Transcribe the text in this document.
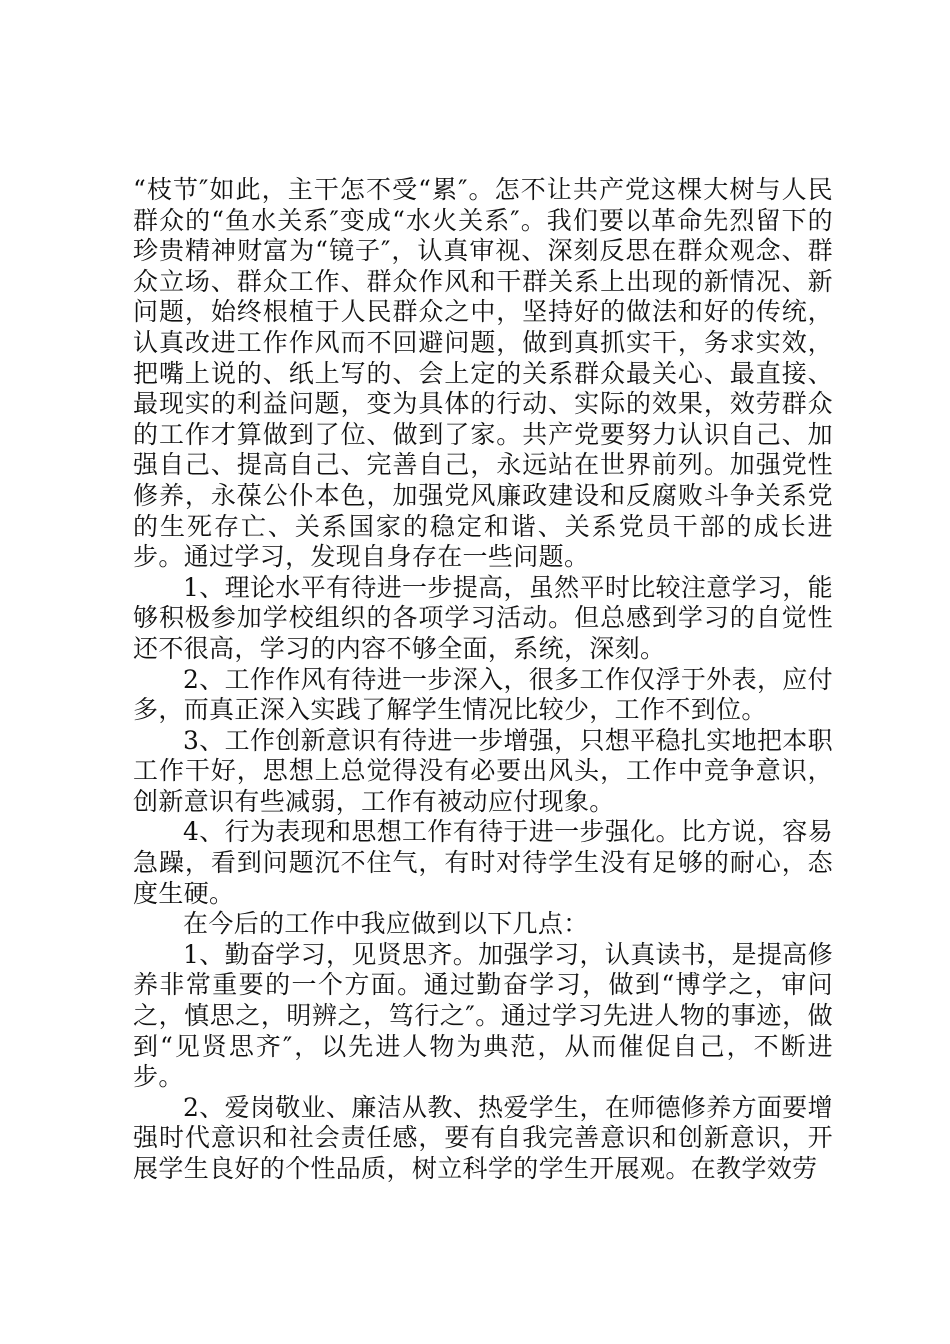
“枝节″如此，主干怎不受“累″。怎不让共产党这棵大树与人民群众的“鱼水关系″变成“水火关系″。我们要以革命先烈留下的珍贵精神财富为“镜子″，认真审视、深刻反思在群众观念、群众立场、群众工作、群众作风和干群关系上出现的新情况、新问题，始终根植于人民群众之中，坚持好的做法和好的传统，认真改进工作作风而不回避问题，做到真抓实干，务求实效，把嘴上说的、纸上写的、会上定的关系群众最关心、最直接、最现实的利益问题，变为具体的行动、实际的效果，效劳群众的工作才算做到了位、做到了家。共产党要努力认识自己、加强自己、提高自己、完善自己，永远站在世界前列。加强党性修养，永葆公仆本色，加强党风廉政建设和反腐败斗争关系党的生死存亡、关系国家的稳定和谐、关系党员干部的成长进步。通过学习，发现自身存在一些问题。

1、理论水平有待进一步提高，虽然平时比较注意学习，能够积极参加学校组织的各项学习活动。但总感到学习的自觉性还不很高，学习的内容不够全面，系统，深刻。

2、工作作风有待进一步深入，很多工作仅浮于外表，应付多，而真正深入实践了解学生情况比较少，工作不到位。

3、工作创新意识有待进一步增强，只想平稳扎实地把本职工作干好，思想上总觉得没有必要出风头，工作中竞争意识，创新意识有些减弱，工作有被动应付现象。

4、行为表现和思想工作有待于进一步强化。比方说，容易急躁，看到问题沉不住气，有时对待学生没有足够的耐心，态度生硬。

在今后的工作中我应做到以下几点：

1、勤奋学习，见贤思齐。加强学习，认真读书，是提高修养非常重要的一个方面。通过勤奋学习，做到“博学之，审问之，慎思之，明辨之，笃行之″。通过学习先进人物的事迹，做到“见贤思齐″，以先进人物为典范，从而催促自己，不断进步。

2、爱岗敬业、廉洁从教、热爱学生，在师德修养方面要增强时代意识和社会责任感，要有自我完善意识和创新意识，开展学生良好的个性品质，树立科学的学生开展观。在教学效劳
